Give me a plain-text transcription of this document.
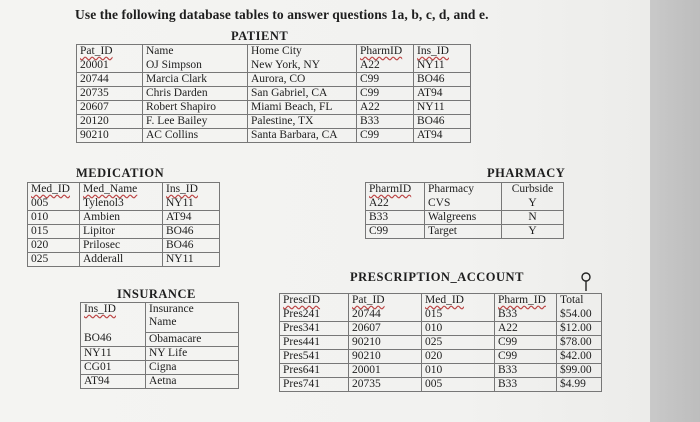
Use the following database tables to answer questions 1a, b, c, d, and e.
PATIENT
Pat_ID	Name	Home City	PharmID	Ins_ID
20001	OJ Simpson	New York, NY	A22	NY11
20744	Marcia Clark	Aurora, CO	C99	BO46
20735	Chris Darden	San Gabriel, CA	C99	AT94
20607	Robert Shapiro	Miami Beach, FL	A22	NY11
20120	F. Lee Bailey	Palestine, TX	B33	BO46
90210	AC Collins	Santa Barbara, CA	C99	AT94
MEDICATION
Med_ID	Med_Name	Ins_ID
005	Tylenol3	NY11
010	Ambien	AT94
015	Lipitor	BO46
020	Prilosec	BO46
025	Adderall	NY11
PHARMACY
PharmID	Pharmacy	Curbside
A22	CVS	Y
B33	Walgreens	N
C99	Target	Y
INSURANCE
Ins_ID	Insurance
Name

BO46	Obamacare
NY11	NY Life
CG01	Cigna
AT94	Aetna
PRESCRIPTION_ACCOUNT
PrescID	Pat_ID	Med_ID	Pharm_ID	Total
Pres241	20744	015	B33	$54.00
Pres341	20607	010	A22	$12.00
Pres441	90210	025	C99	$78.00
Pres541	90210	020	C99	$42.00
Pres641	20001	010	B33	$99.00
Pres741	20735	005	B33	$4.99
